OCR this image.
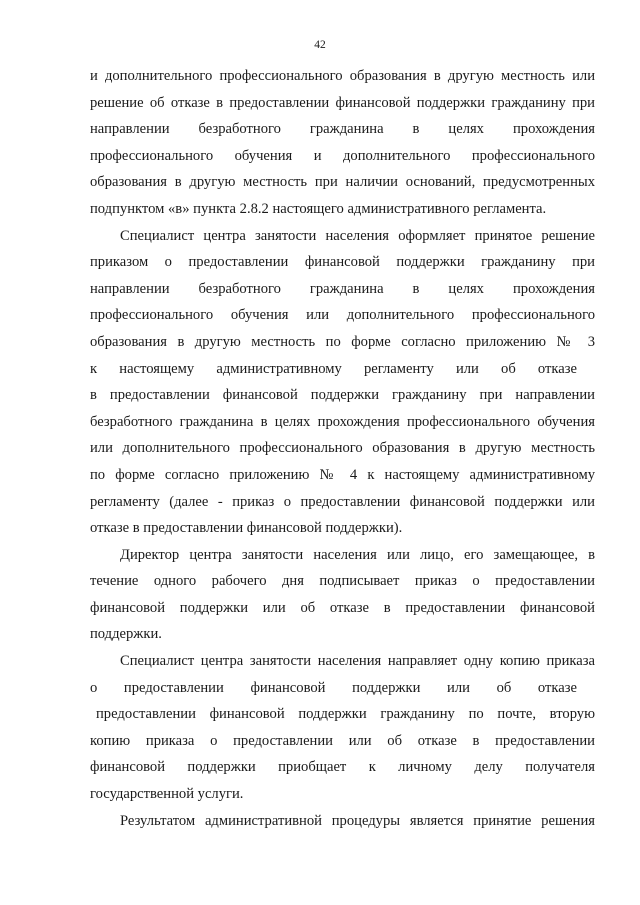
42
и дополнительного профессионального образования в другую местность или
решение об отказе в предоставлении финансовой поддержки гражданину при
направлении безработного гражданина в целях прохождения
профессионального обучения и дополнительного профессионального
образования в другую местность при наличии оснований, предусмотренных
подпунктом «в» пункта 2.8.2 настоящего административного регламента.
Специалист центра занятости населения оформляет принятое решение
приказом о предоставлении финансовой поддержки гражданину при
направлении безработного гражданина в целях прохождения
профессионального обучения или дополнительного профессионального
образования в другую местность по форме согласно приложению № 3
к настоящему административному регламенту или об отказе
в предоставлении финансовой поддержки гражданину при направлении
безработного гражданина в целях прохождения профессионального обучения
или дополнительного профессионального образования в другую местность
по форме согласно приложению № 4 к настоящему административному
регламенту (далее - приказ о предоставлении финансовой поддержки или
отказе в предоставлении финансовой поддержки).
Директор центра занятости населения или лицо, его замещающее, в
течение одного рабочего дня подписывает приказ о предоставлении
финансовой поддержки или об отказе в предоставлении финансовой
поддержки.
Специалист центра занятости населения направляет одну копию приказа
о предоставлении финансовой поддержки или об отказе
предоставлении финансовой поддержки гражданину по почте, вторую
копию приказа о предоставлении или об отказе в предоставлении
финансовой поддержки приобщает к личному делу получателя
государственной услуги.
Результатом административной процедуры является принятие решения
